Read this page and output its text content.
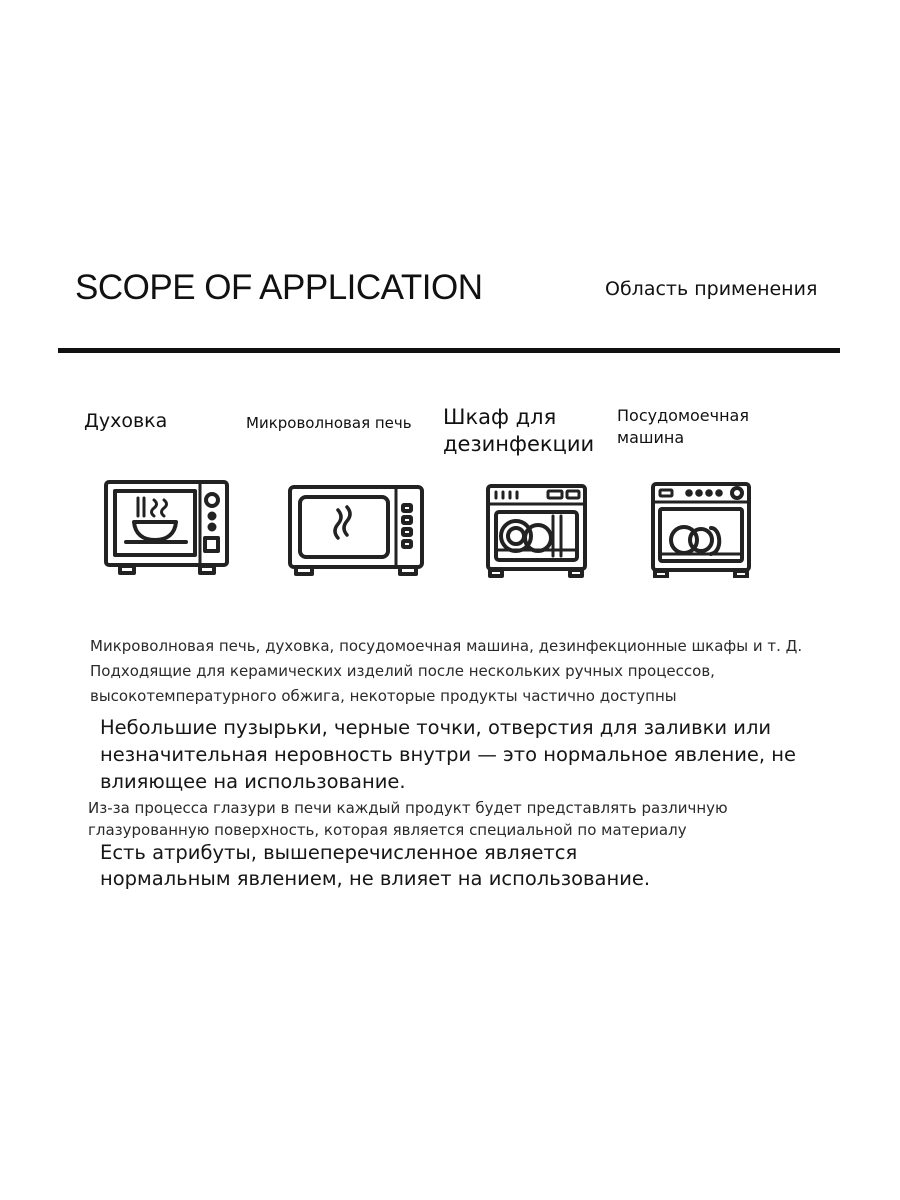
SCOPE OF APPLICATION	Область применения
Духовка	Микроволновая печь Шкаф для дезинфекции
Посудомоечная машина
Микроволновая печь, духовка, посудомоечная машина, дезинфекционные шкафы и т. Д. Подходящие для керамических изделий после нескольких ручных процессов, высокотемпературного обжига, некоторые продукты частично доступны
Небольшие пузырьки, черные точки, отверстия для заливки или незначительная неровность внутри — это нормальное явление, не влияющее на использование.
Из-за процесса глазури в печи каждый продукт будет представлять различную глазурованную поверхность, которая является специальной по материалу
Есть атрибуты, вышеперечисленное является нормальным явлением, не влияет на использование.
